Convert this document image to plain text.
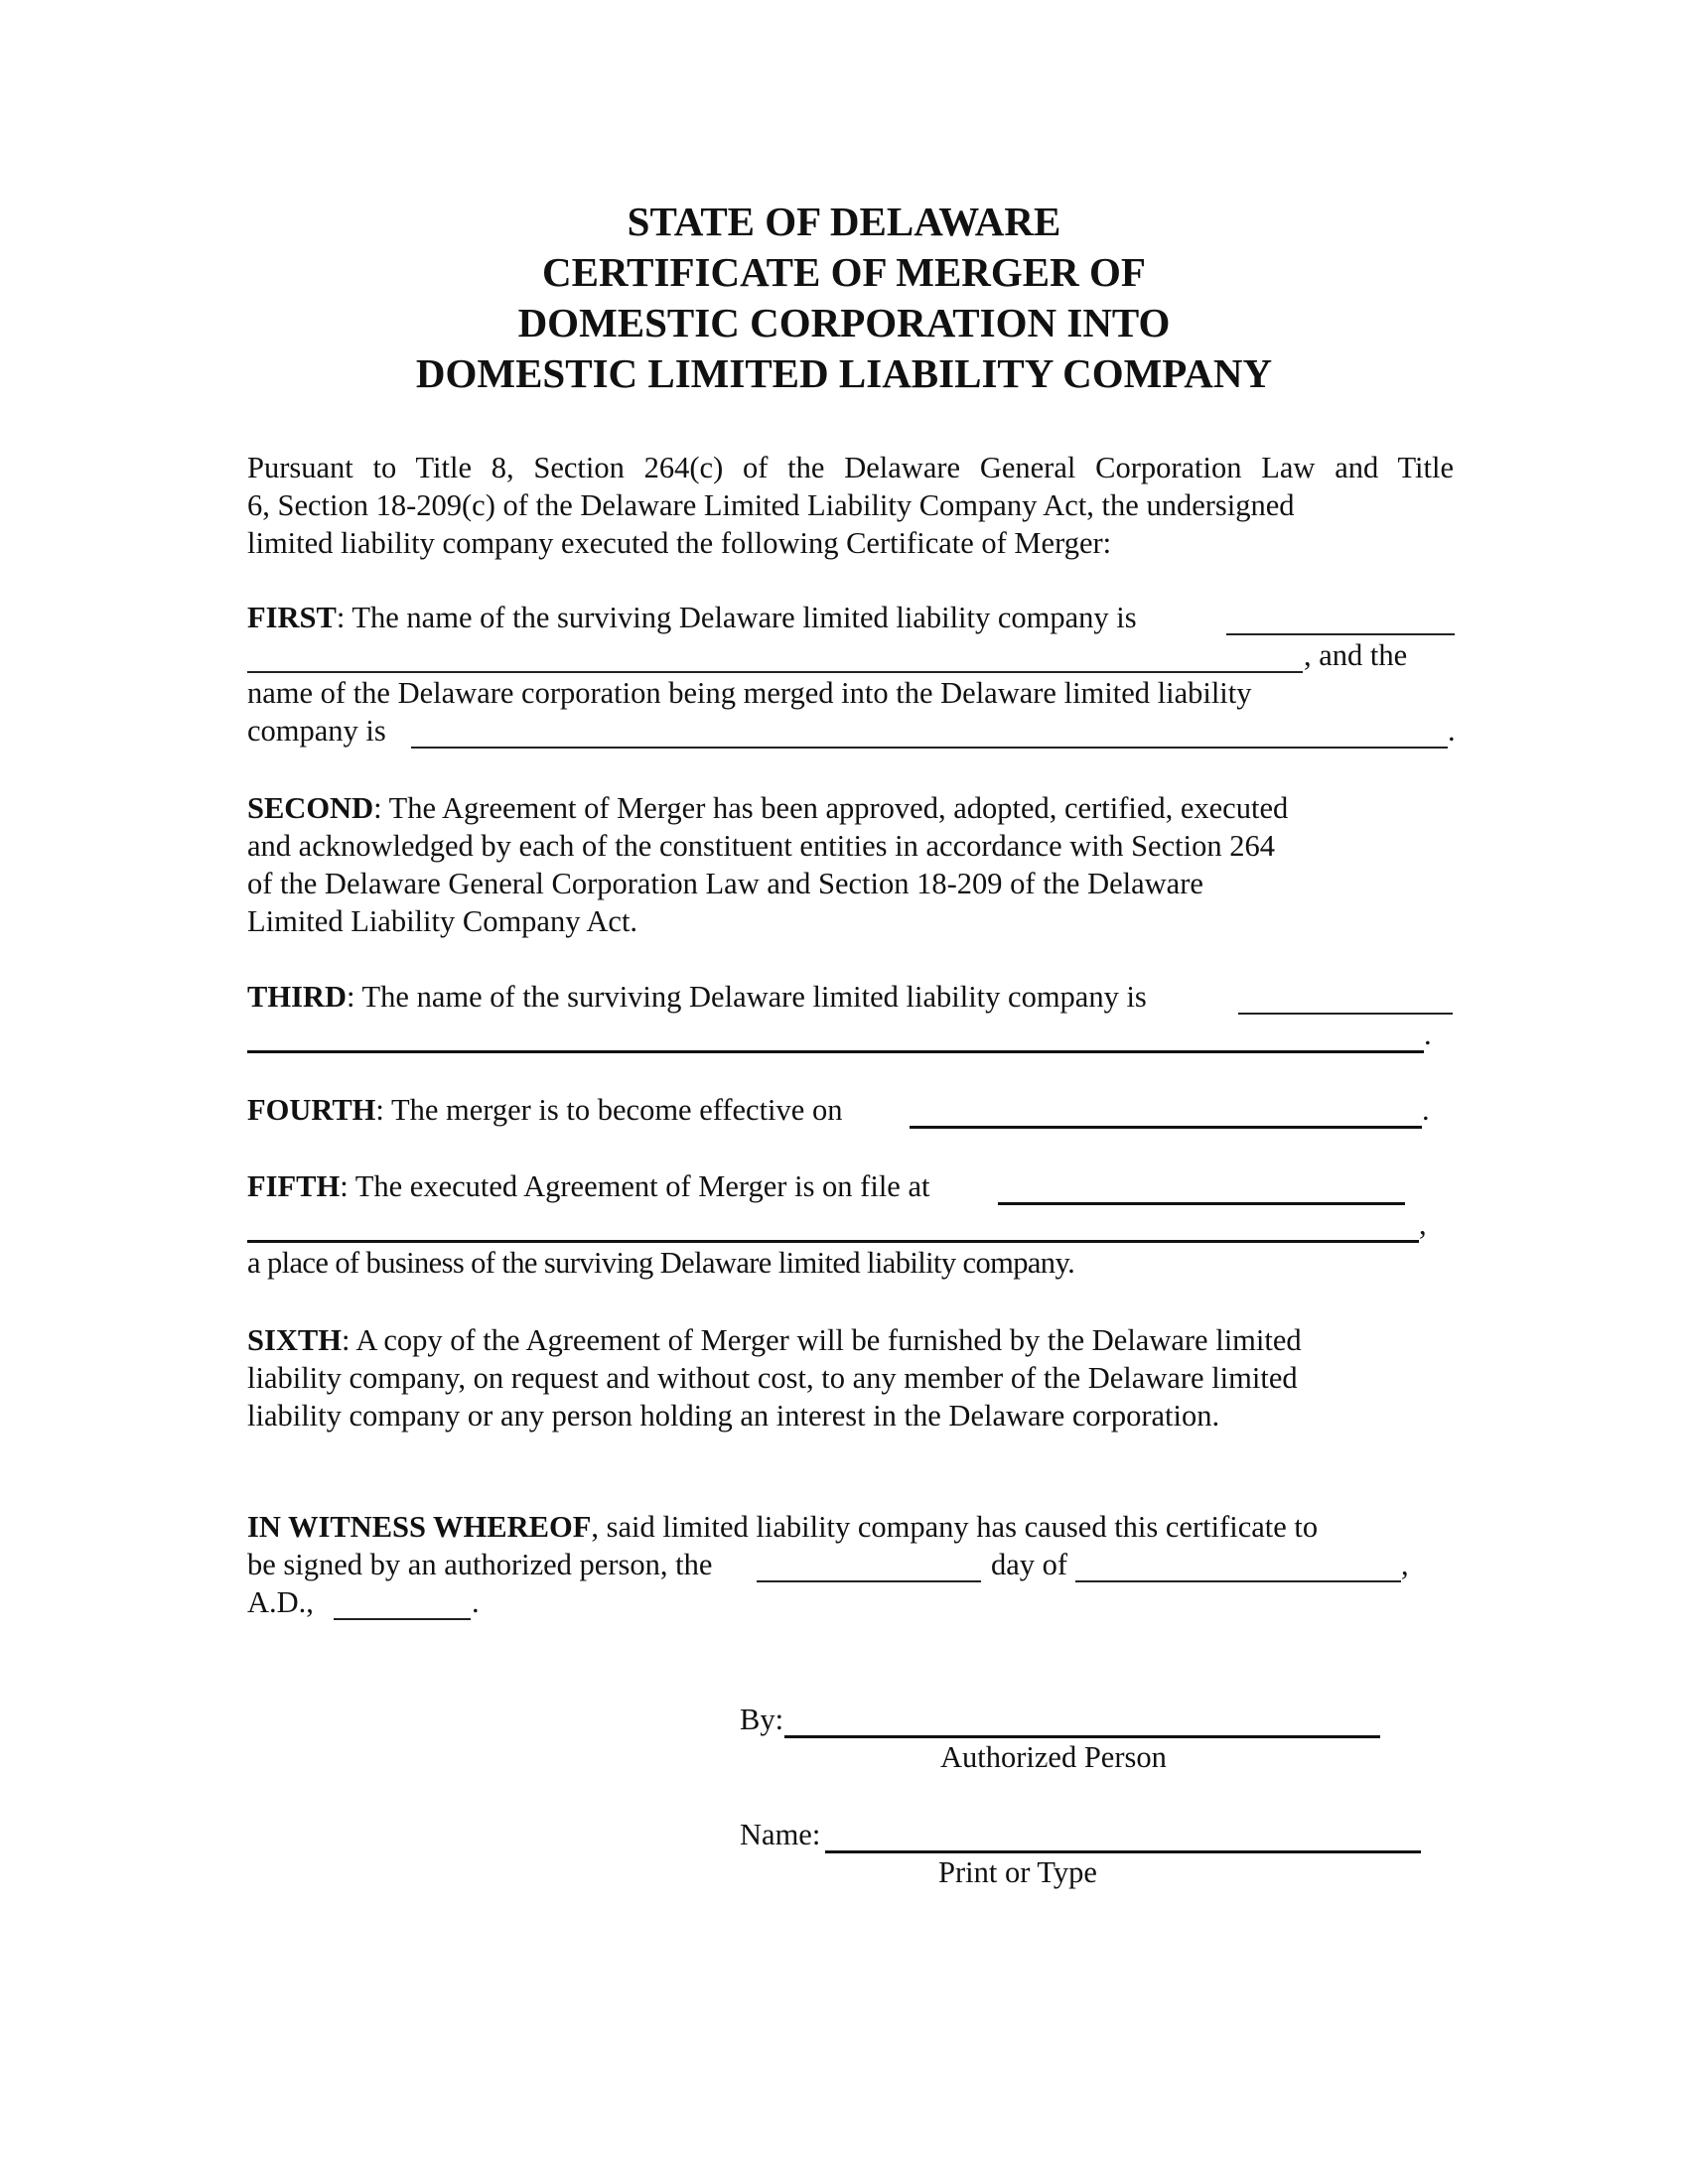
STATE OF DELAWARE
CERTIFICATE OF MERGER OF
DOMESTIC CORPORATION INTO
DOMESTIC LIMITED LIABILITY COMPANY
Pursuant to Title 8, Section 264(c) of the Delaware General Corporation Law and Title
6, Section 18-209(c) of the Delaware Limited Liability Company Act, the undersigned
limited liability company executed the following Certificate of Merger:
FIRST: The name of the surviving Delaware limited liability company is
, and the
name of the Delaware corporation being merged into the Delaware limited liability
company is	.
SECOND: The Agreement of Merger has been approved, adopted, certified, executed
and acknowledged by each of the constituent entities in accordance with Section 264
of the Delaware General Corporation Law and Section 18-209 of the Delaware
Limited Liability Company Act.
THIRD: The name of the surviving Delaware limited liability company is
.
FOURTH: The merger is to become effective on	.
FIFTH: The executed Agreement of Merger is on file at
,
a place of business of the surviving Delaware limited liability company.
SIXTH: A copy of the Agreement of Merger will be furnished by the Delaware limited
liability company, on request and without cost, to any member of the Delaware limited
liability company or any person holding an interest in the Delaware corporation.
IN WITNESS WHEREOF, said limited liability company has caused this certificate to
be signed by an authorized person, the	day of	,
A.D.,	.
By:
Authorized Person
Name:
Print or Type
